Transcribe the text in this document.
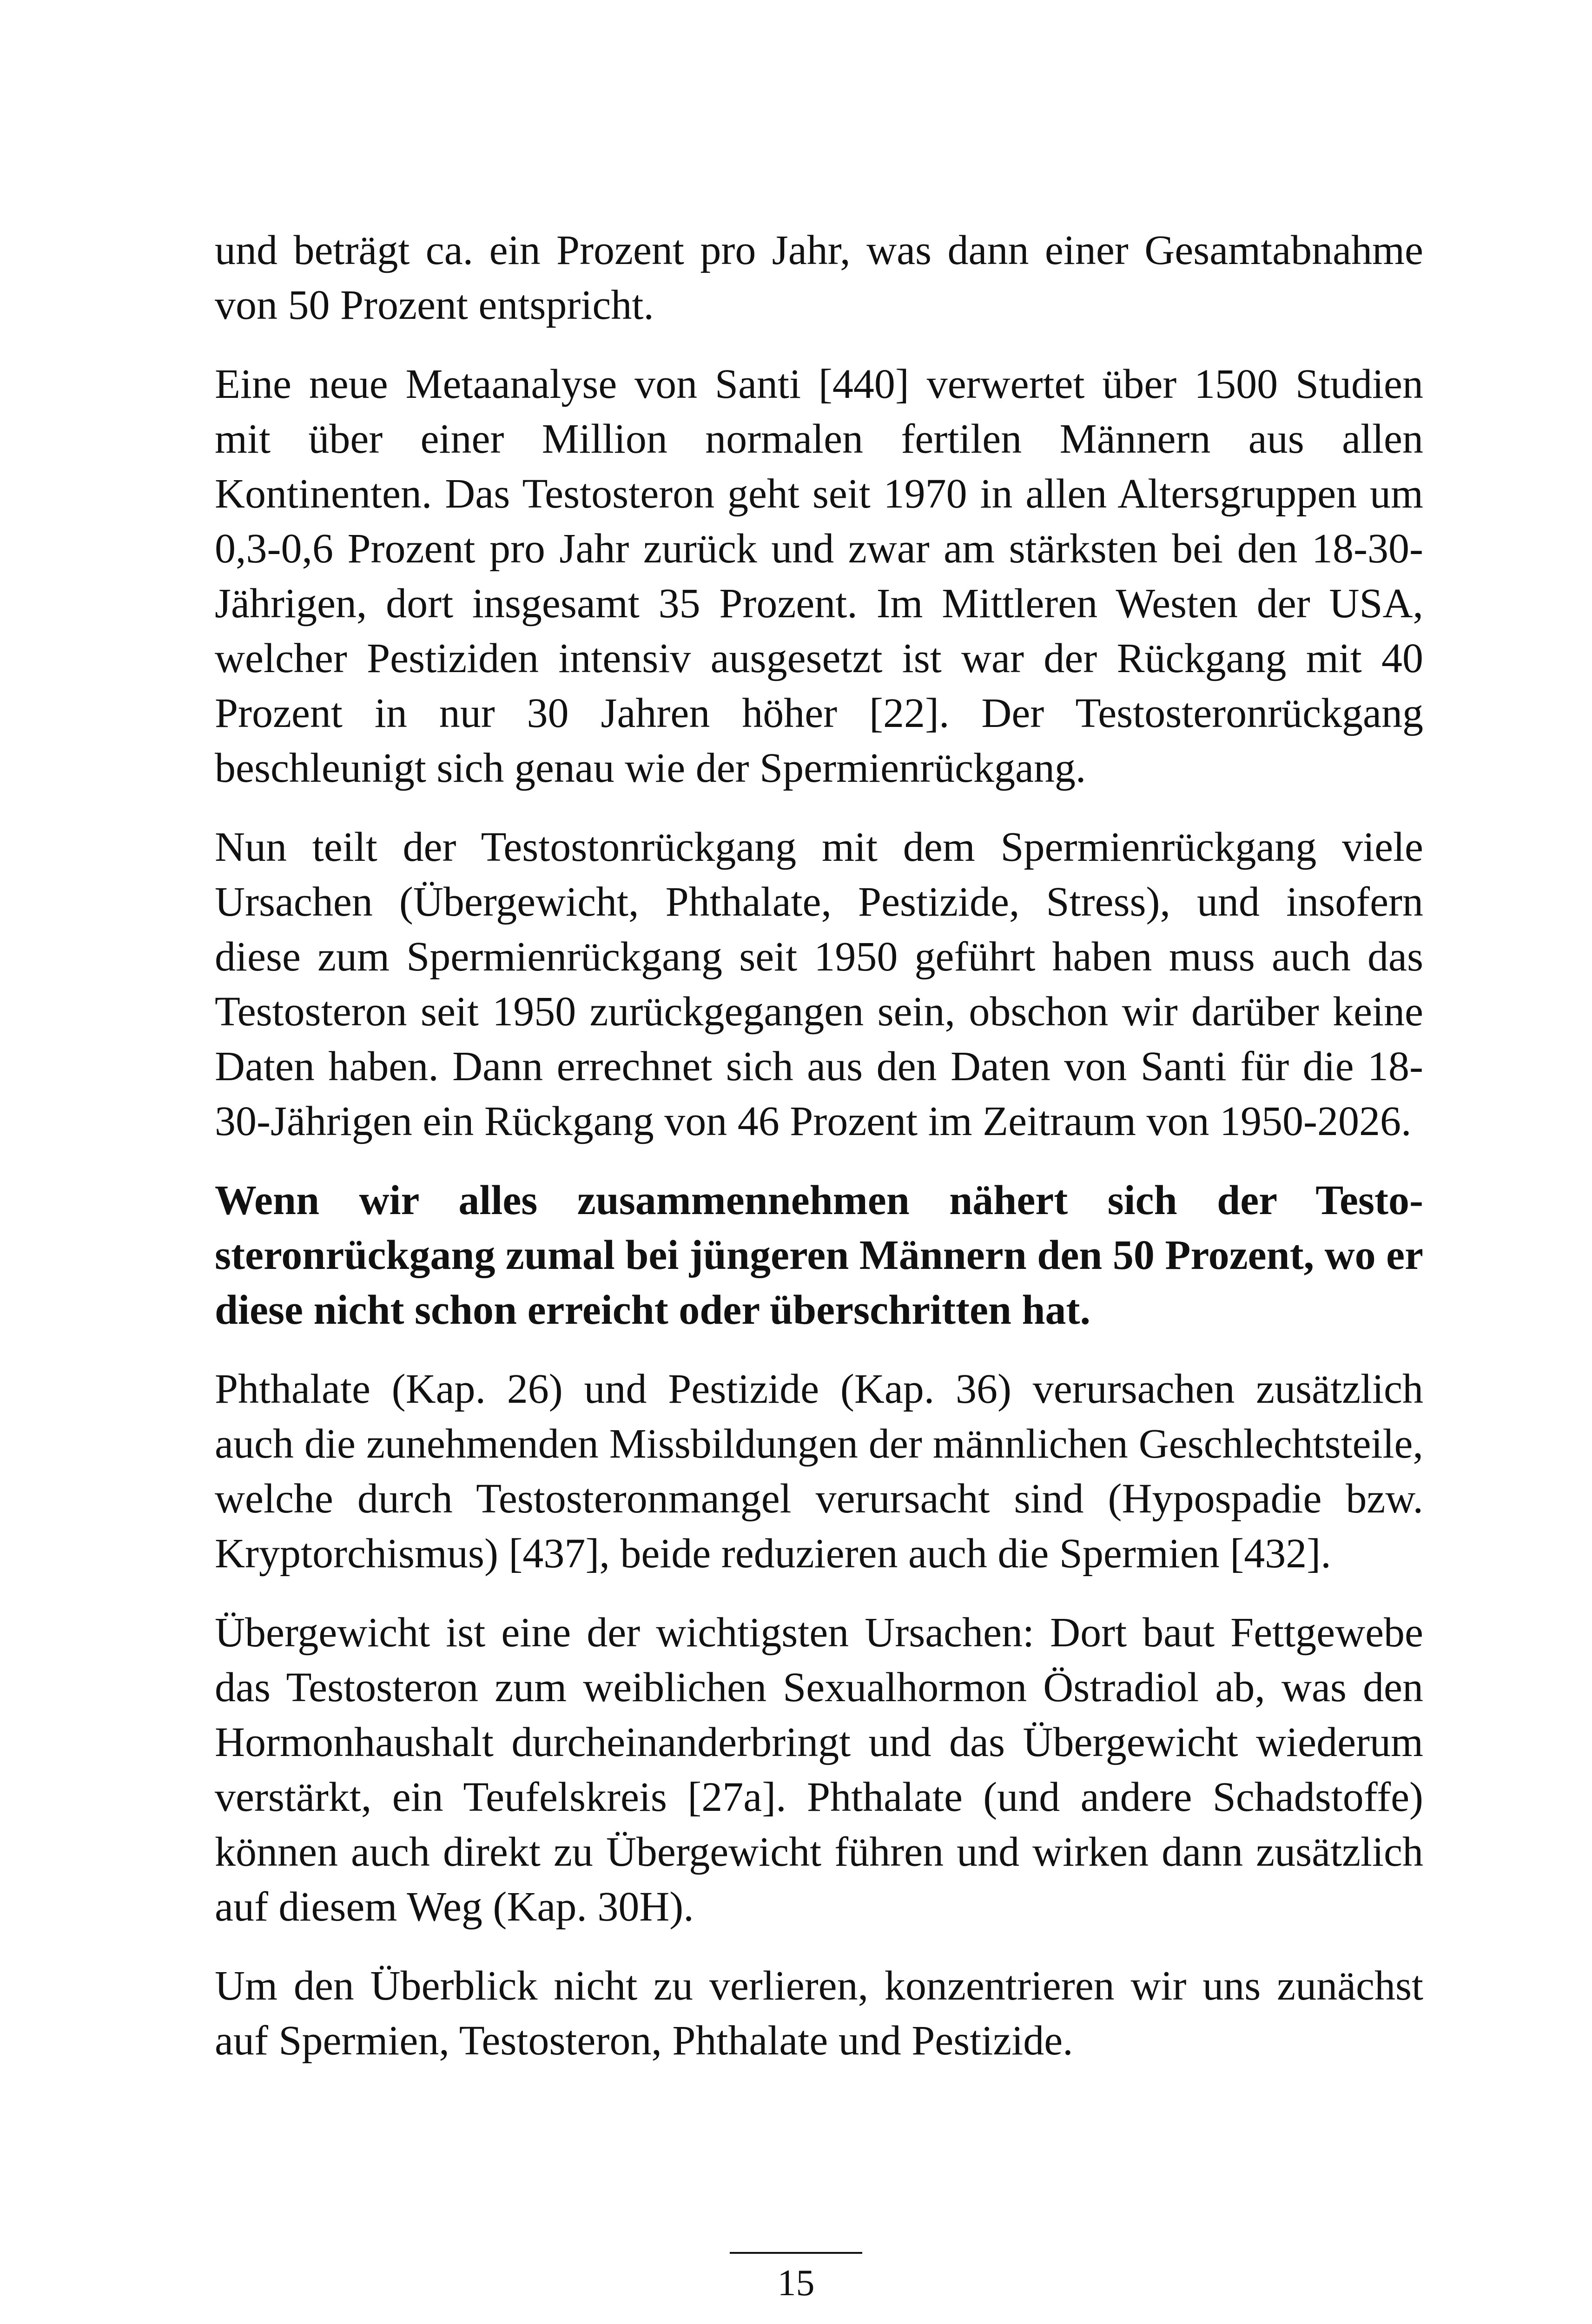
und beträgt ca. ein Prozent pro Jahr, was dann einer Gesamtabnahme von 50 Prozent entspricht.

Eine neue Metaanalyse von Santi [440] verwertet über 1500 Studien mit über einer Million normalen fertilen Männern aus allen Kontinenten. Das Testosteron geht seit 1970 in allen Altersgruppen um 0,3-0,6 Prozent pro Jahr zurück und zwar am stärksten bei den 18-30-Jährigen, dort insgesamt 35 Prozent. Im Mittleren Westen der USA, welcher Pestiziden intensiv ausgesetzt ist war der Rückgang mit 40 Prozent in nur 30 Jahren höher [22]. Der Testosteronrückgang beschleunigt sich genau wie der Spermienrückgang.

Nun teilt der Testostonrückgang mit dem Spermienrückgang viele Ursachen (Übergewicht, Phthalate, Pestizide, Stress), und insofern diese zum Spermienrückgang seit 1950 geführt haben muss auch das Testosteron seit 1950 zurückgegangen sein, obschon wir darüber keine Daten haben. Dann errechnet sich aus den Daten von Santi für die 18-30-Jährigen ein Rückgang von 46 Prozent im Zeitraum von 1950-2026.

Wenn wir alles zusammennehmen nähert sich der Testosteronrückgang zumal bei jüngeren Männern den 50 Prozent, wo er diese nicht schon erreicht oder überschritten hat.

Phthalate (Kap. 26) und Pestizide (Kap. 36) verursachen zusätzlich auch die zunehmenden Missbildungen der männlichen Geschlechtsteile, welche durch Testosteronmangel verursacht sind (Hypospadie bzw. Kryptorchismus) [437], beide reduzieren auch die Spermien [432].

Übergewicht ist eine der wichtigsten Ursachen: Dort baut Fettgewebe das Testosteron zum weiblichen Sexualhormon Östradiol ab, was den Hormonhaushalt durcheinanderbringt und das Übergewicht wiederum verstärkt, ein Teufelskreis [27a]. Phthalate (und andere Schadstoffe) können auch direkt zu Übergewicht führen und wirken dann zusätzlich auf diesem Weg (Kap. 30H).

Um den Überblick nicht zu verlieren, konzentrieren wir uns zunächst auf Spermien, Testosteron, Phthalate und Pestizide.

15
